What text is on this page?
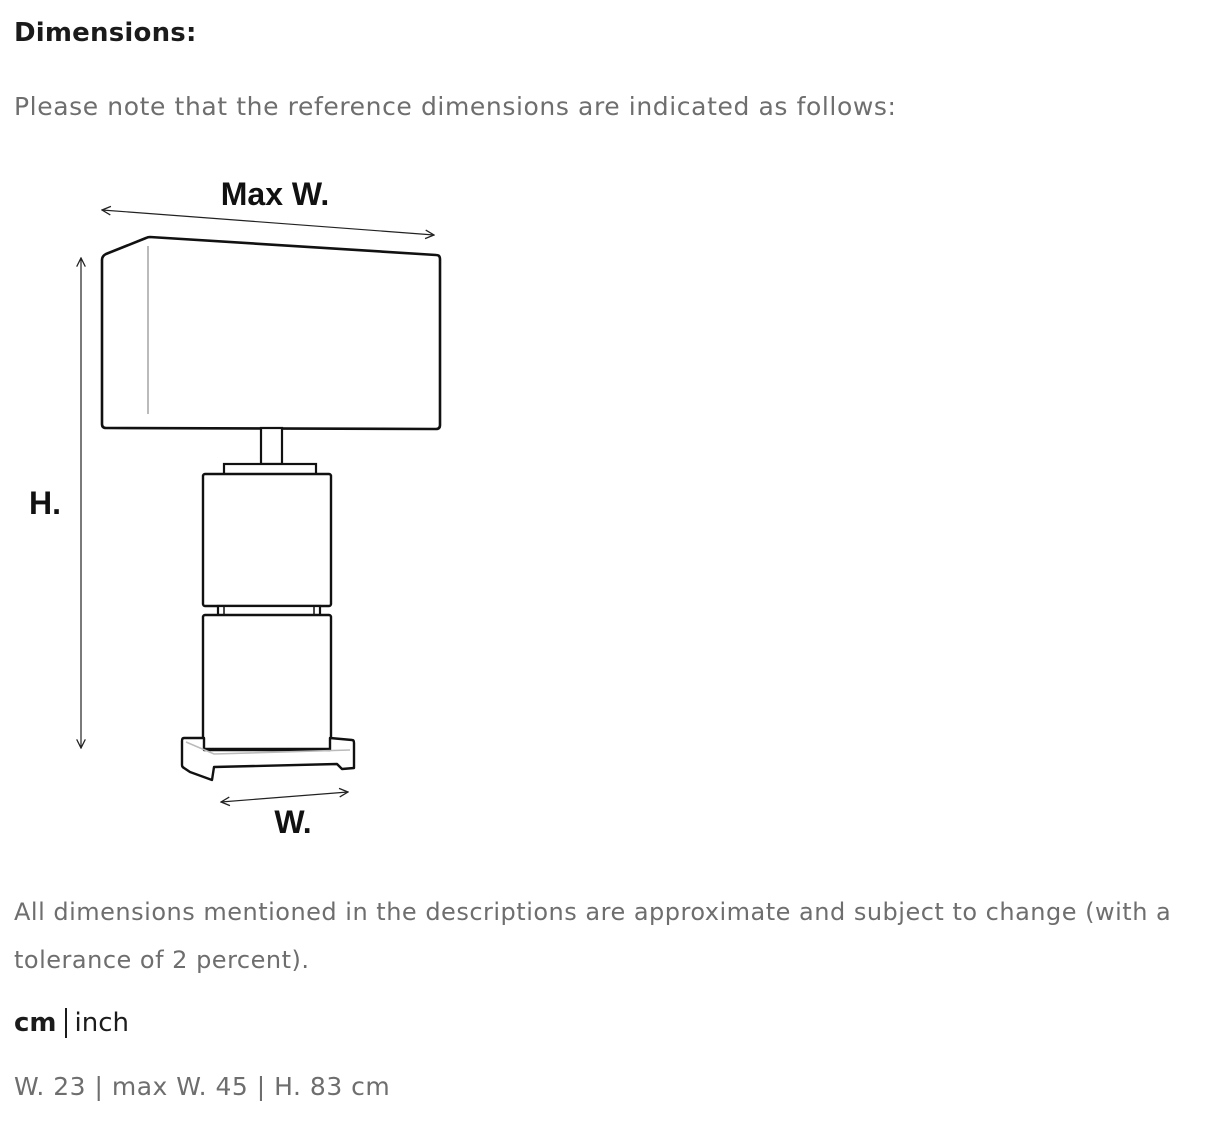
Dimensions:
Please note that the reference dimensions are indicated as follows:
Max W.
H.
W.
All dimensions mentioned in the descriptions are approximate and subject to change (with a tolerance of 2 percent).
cm inch
W. 23 | max W. 45 | H. 83 cm
